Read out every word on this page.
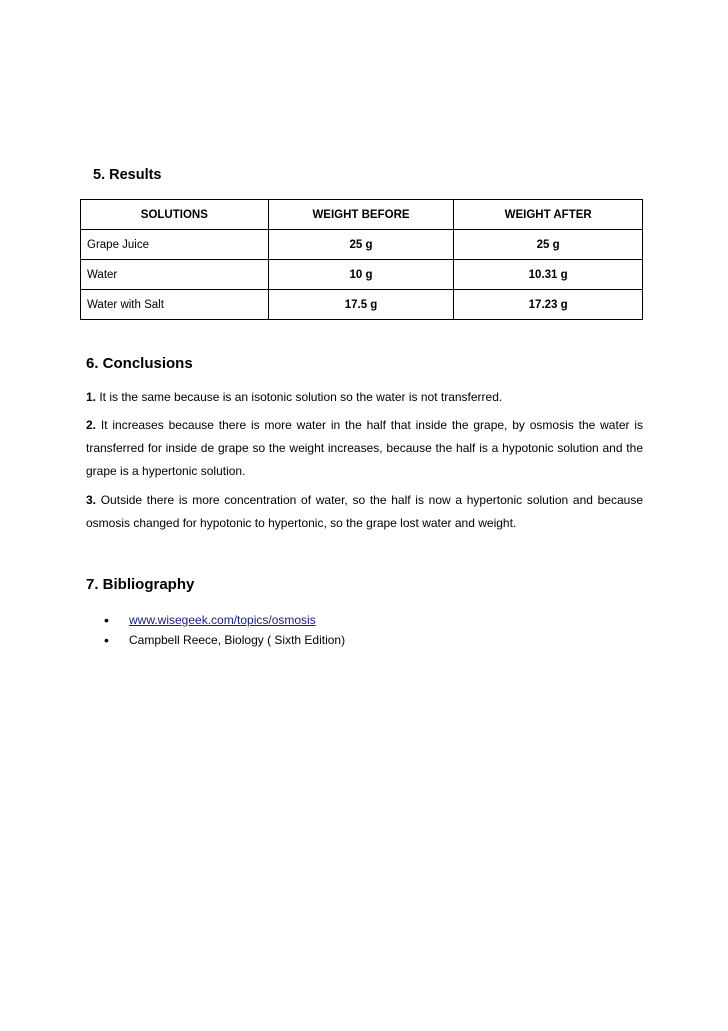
5. Results
SOLUTIONS	WEIGHT BEFORE	WEIGHT AFTER
Grape Juice	25 g	25 g
Water	10 g	10.31 g
Water with Salt	17.5 g	17.23 g
6. Conclusions

1. It is the same because is an isotonic solution so the water is not transferred.

2. It increases because there is more water in the half that inside the grape, by osmosis the water is transferred for inside de grape so the weight increases, because the half is a hypotonic solution and the grape is a hypertonic solution.

3. Outside there is more concentration of water, so the half is now a hypertonic solution and because osmosis changed for hypotonic to hypertonic, so the grape lost water and weight.

7. Bibliography
•	www.wisegeek.com/topics/osmosis
•	Campbell Reece, Biology ( Sixth Edition)
